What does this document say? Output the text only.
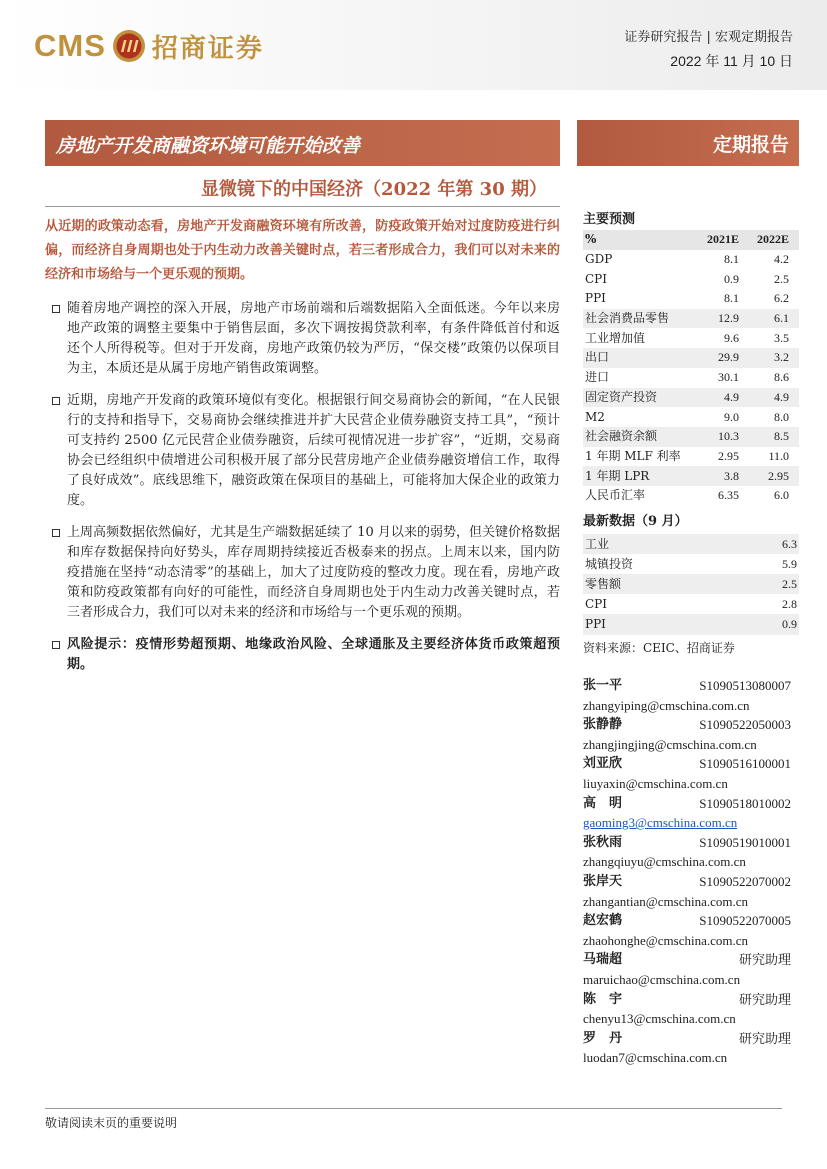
CMS 招商证券	证券研究报告 | 宏观定期报告
2022 年 11 月 10 日
房地产开发商融资环境可能开始改善	定期报告
显微镜下的中国经济（2022 年第 30 期）

从近期的政策动态看，房地产开发商融资环境有所改善，防疫政策开始对过度防疫进行纠偏，而经济自身周期也处于内生动力改善关键时点，若三者形成合力，我们可以对未来的经济和市场给与一个更乐观的预期。

随着房地产调控的深入开展，房地产市场前端和后端数据陷入全面低迷。今年以来房地产政策的调整主要集中于销售层面，多次下调按揭贷款利率，有条件降低首付和返还个人所得税等。但对于开发商，房地产政策仍较为严厉，“保交楼”政策仍以保项目为主，本质还是从属于房地产销售政策调整。
近期，房地产开发商的政策环境似有变化。根据银行间交易商协会的新闻，“在人民银行的支持和指导下，交易商协会继续推进并扩大民营企业债券融资支持工具”，“预计可支持约 2500 亿元民营企业债券融资，后续可视情况进一步扩容”，“近期，交易商协会已经组织中债增进公司积极开展了部分民营房地产企业债券融资增信工作，取得了良好成效”。底线思维下，融资政策在保项目的基础上，可能将加大保企业的政策力度。
上周高频数据依然偏好，尤其是生产端数据延续了 10 月以来的弱势，但关键价格数据和库存数据保持向好势头，库存周期持续接近否极泰来的拐点。上周末以来，国内防疫措施在坚持“动态清零”的基础上，加大了过度防疫的整改力度。现在看，房地产政策和防疫政策都有向好的可能性，而经济自身周期也处于内生动力改善关键时点，若三者形成合力，我们可以对未来的经济和市场给与一个更乐观的预期。
风险提示：疫情形势超预期、地缘政治风险、全球通胀及主要经济体货币政策超预期。
主要预测
%	2021E	2022E
GDP	8.1	4.2
CPI	0.9	2.5
PPI	8.1	6.2
社会消费品零售	12.9	6.1
工业增加值	9.6	3.5
出口	29.9	3.2
进口	30.1	8.6
固定资产投资	4.9	4.9
M2	9.0	8.0
社会融资余额	10.3	8.5
1 年期 MLF 利率	2.95	11.0
1 年期 LPR	3.8	2.95
人民币汇率	6.35	6.0
最新数据（9 月）
工业	6.3
城镇投资	5.9
零售额	2.5
CPI	2.8
PPI	0.9
资料来源：CEIC、招商证券
张一平	S1090513080007
zhangyiping@cmschina.com.cn
张静静	S1090522050003
zhangjingjing@cmschina.com.cn
刘亚欣	S1090516100001
liuyaxin@cmschina.com.cn
高　明	S1090518010002
gaoming3@cmschina.com.cn
张秋雨	S1090519010001
zhangqiuyu@cmschina.com.cn
张岸天	S1090522070002
zhangantian@cmschina.com.cn
赵宏鹤	S1090522070005
zhaohonghe@cmschina.com.cn
马瑞超	研究助理
maruichao@cmschina.com.cn
陈　宇	研究助理
chenyu13@cmschina.com.cn
罗　丹	研究助理
luodan7@cmschina.com.cn
敬请阅读末页的重要说明
